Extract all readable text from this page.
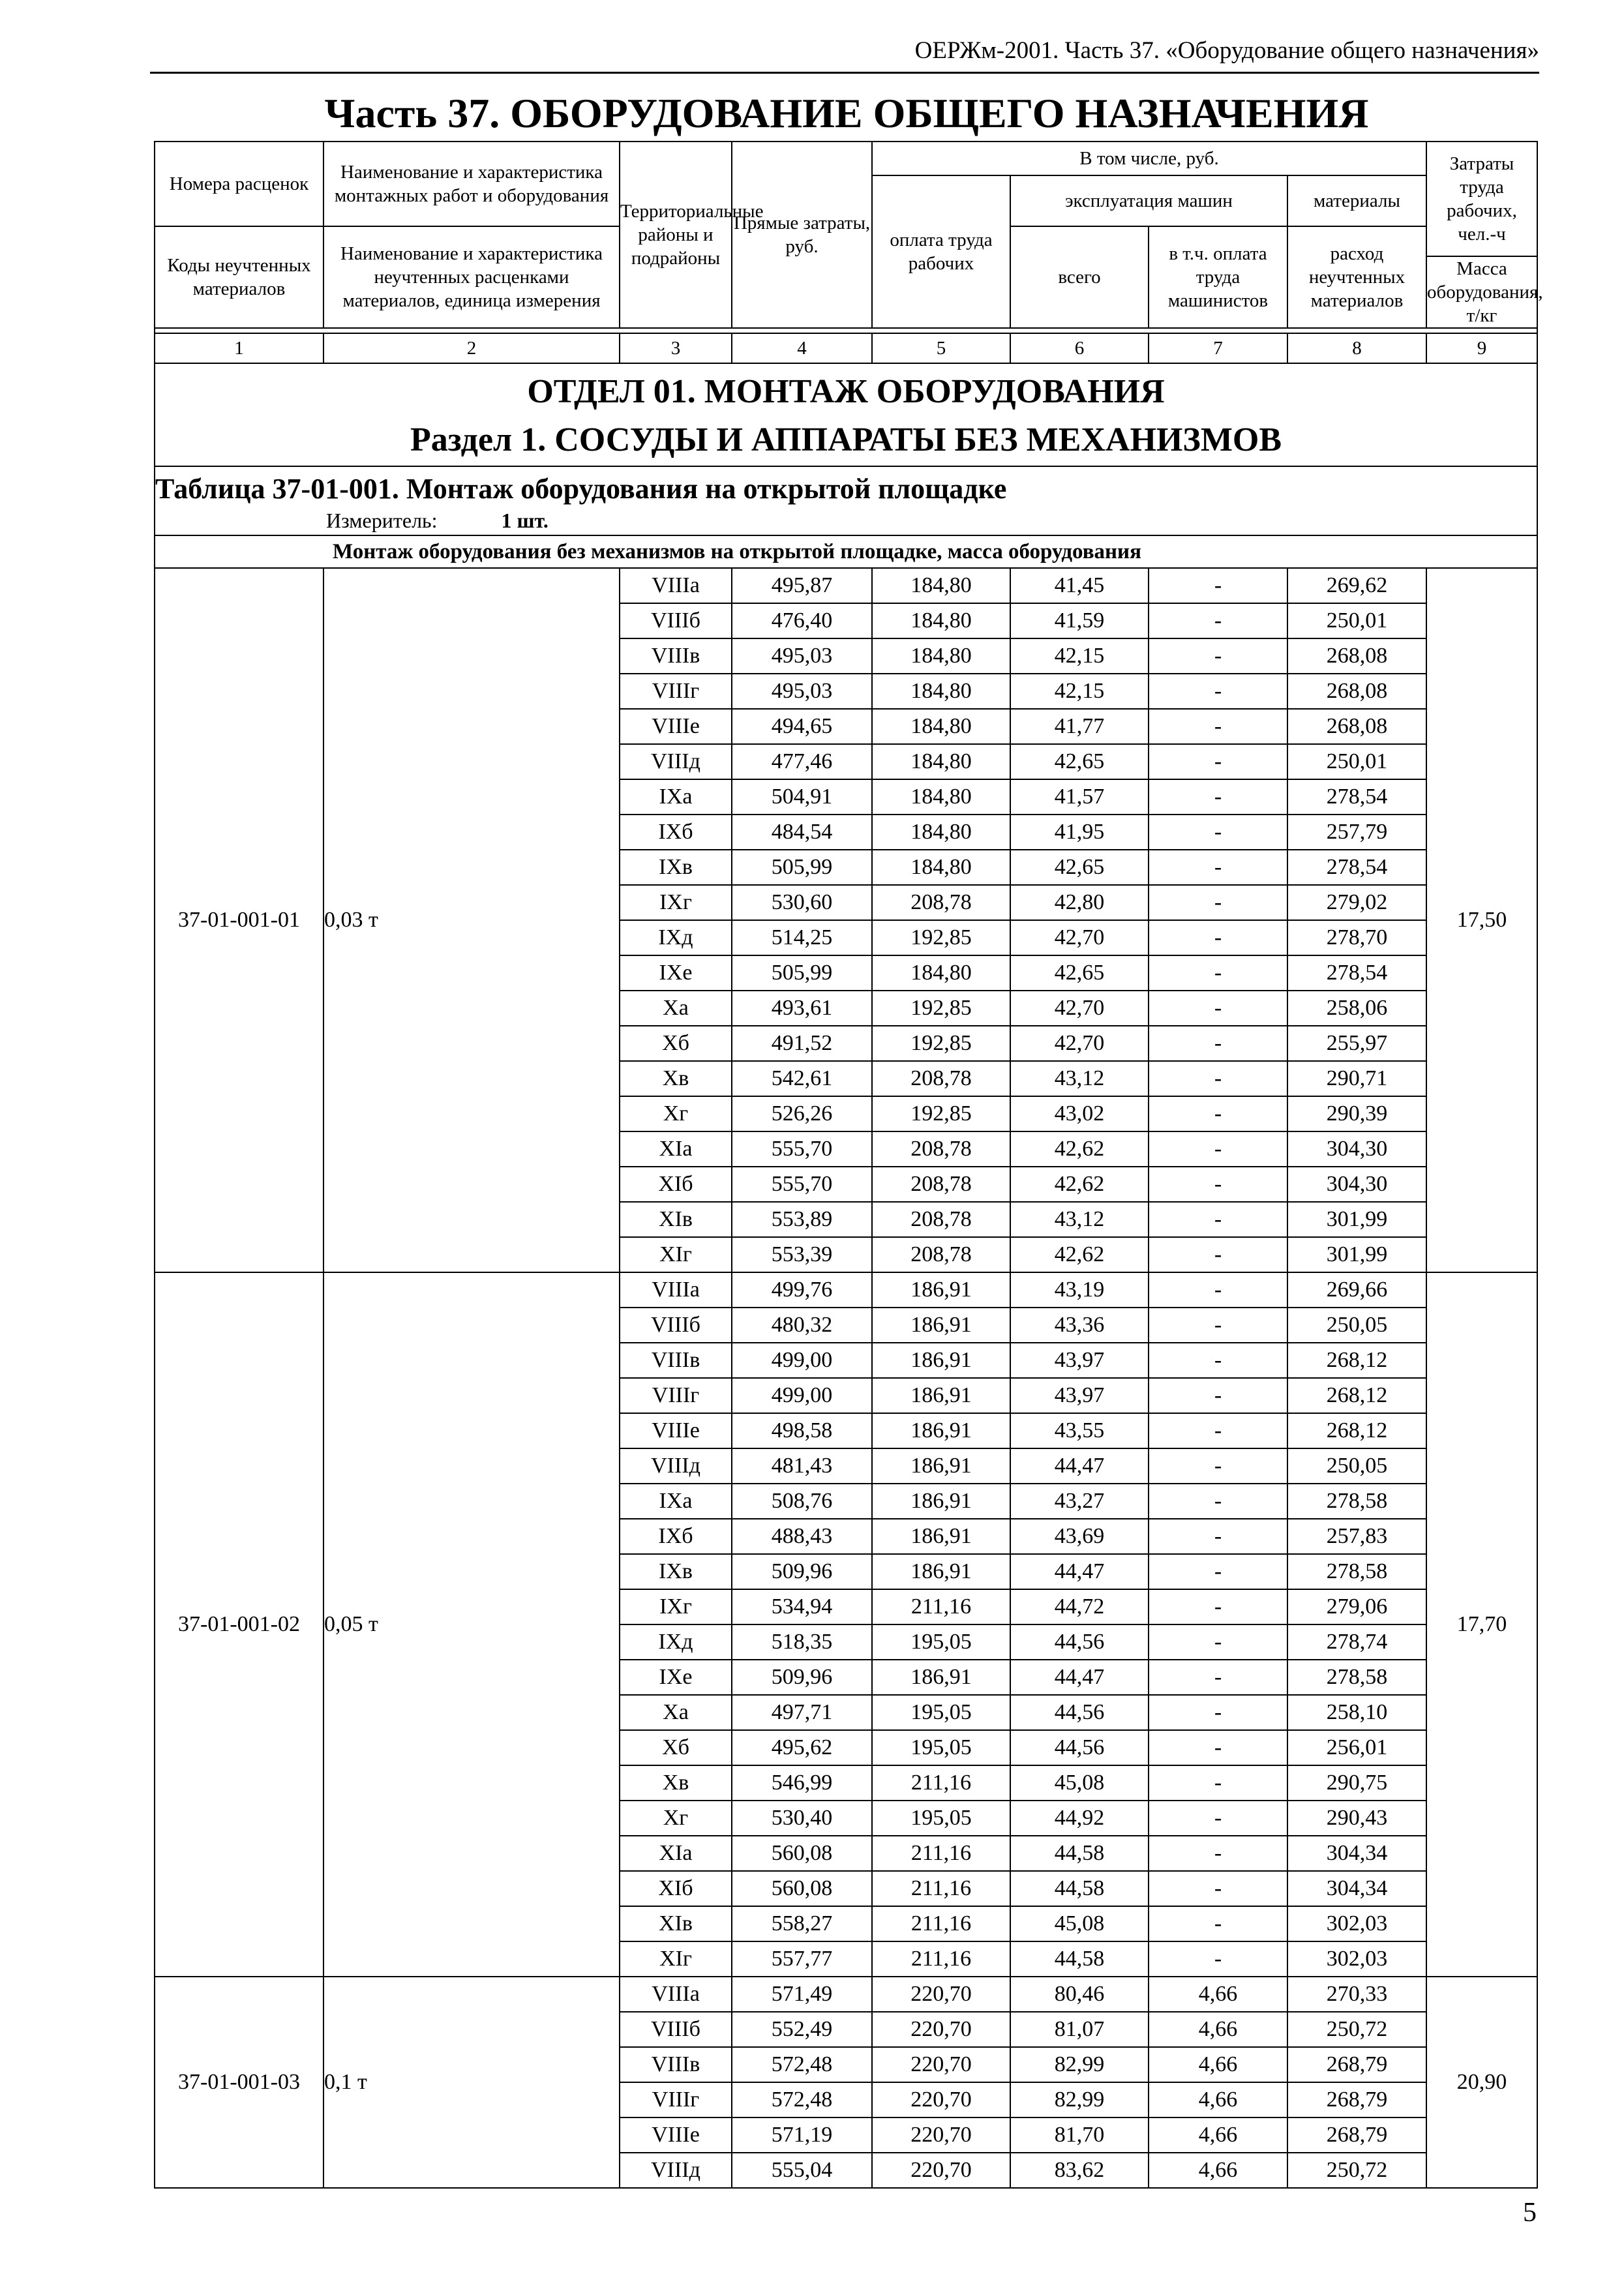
ОЕРЖм-2001. Часть 37. «Оборудование общего назначения»
Часть 37. ОБОРУДОВАНИЕ ОБЩЕГО НАЗНАЧЕНИЯ
Номера расценок	Наименование и характеристика монтажных работ и оборудования	Территориальные районы и подрайоны	Прямые затраты, руб.	В том числе, руб.				Затраты труда рабочих, чел.-ч
				оплата труда рабочих	эксплуатация машин		материалы	

Коды неучтенных материалов	Наименование и характеристика неучтенных расценками материалов, единица измерения				всего	в т.ч. оплата труда машинистов	расход неучтенных материалов	
								Масса оборудования, т/кг

1	2	3	4	5	6	7	8	9

ОТДЕЛ 01. МОНТАЖ ОБОРУДОВАНИЯ
Раздел 1. СОСУДЫ И АППАРАТЫ БЕЗ МЕХАНИЗМОВ								

Таблица 37-01-001. Монтаж оборудования на открытой площадке
Измеритель: 1 шт.								

Монтаж оборудования без механизмов на открытой площадке, масса оборудования								
37-01-001-01	0,03 т	VIIIа	495,87	184,80	41,45	-	269,62	17,50
		VIIIб	476,40	184,80	41,59	-	250,01	
		VIIIв	495,03	184,80	42,15	-	268,08	
		VIIIг	495,03	184,80	42,15	-	268,08	
		VIIIе	494,65	184,80	41,77	-	268,08	
		VIIIд	477,46	184,80	42,65	-	250,01	
		IXа	504,91	184,80	41,57	-	278,54	
		IXб	484,54	184,80	41,95	-	257,79	
		IXв	505,99	184,80	42,65	-	278,54	
		IXг	530,60	208,78	42,80	-	279,02	
		IXд	514,25	192,85	42,70	-	278,70	
		IXе	505,99	184,80	42,65	-	278,54	
		Xа	493,61	192,85	42,70	-	258,06	
		Xб	491,52	192,85	42,70	-	255,97	
		Xв	542,61	208,78	43,12	-	290,71	
		Xг	526,26	192,85	43,02	-	290,39	
		XIа	555,70	208,78	42,62	-	304,30	
		XIб	555,70	208,78	42,62	-	304,30	
		XIв	553,89	208,78	43,12	-	301,99	
		XIг	553,39	208,78	42,62	-	301,99	
37-01-001-02	0,05 т	VIIIа	499,76	186,91	43,19	-	269,66	17,70
		VIIIб	480,32	186,91	43,36	-	250,05	
		VIIIв	499,00	186,91	43,97	-	268,12	
		VIIIг	499,00	186,91	43,97	-	268,12	
		VIIIе	498,58	186,91	43,55	-	268,12	
		VIIIд	481,43	186,91	44,47	-	250,05	
		IXа	508,76	186,91	43,27	-	278,58	
		IXб	488,43	186,91	43,69	-	257,83	
		IXв	509,96	186,91	44,47	-	278,58	
		IXг	534,94	211,16	44,72	-	279,06	
		IXд	518,35	195,05	44,56	-	278,74	
		IXе	509,96	186,91	44,47	-	278,58	
		Xа	497,71	195,05	44,56	-	258,10	
		Xб	495,62	195,05	44,56	-	256,01	
		Xв	546,99	211,16	45,08	-	290,75	
		Xг	530,40	195,05	44,92	-	290,43	
		XIа	560,08	211,16	44,58	-	304,34	
		XIб	560,08	211,16	44,58	-	304,34	
		XIв	558,27	211,16	45,08	-	302,03	
		XIг	557,77	211,16	44,58	-	302,03	
37-01-001-03	0,1 т	VIIIа	571,49	220,70	80,46	4,66	270,33	20,90
		VIIIб	552,49	220,70	81,07	4,66	250,72	
		VIIIв	572,48	220,70	82,99	4,66	268,79	
		VIIIг	572,48	220,70	82,99	4,66	268,79	
		VIIIе	571,19	220,70	81,70	4,66	268,79	
		VIIIд	555,04	220,70	83,62	4,66	250,72	
5
